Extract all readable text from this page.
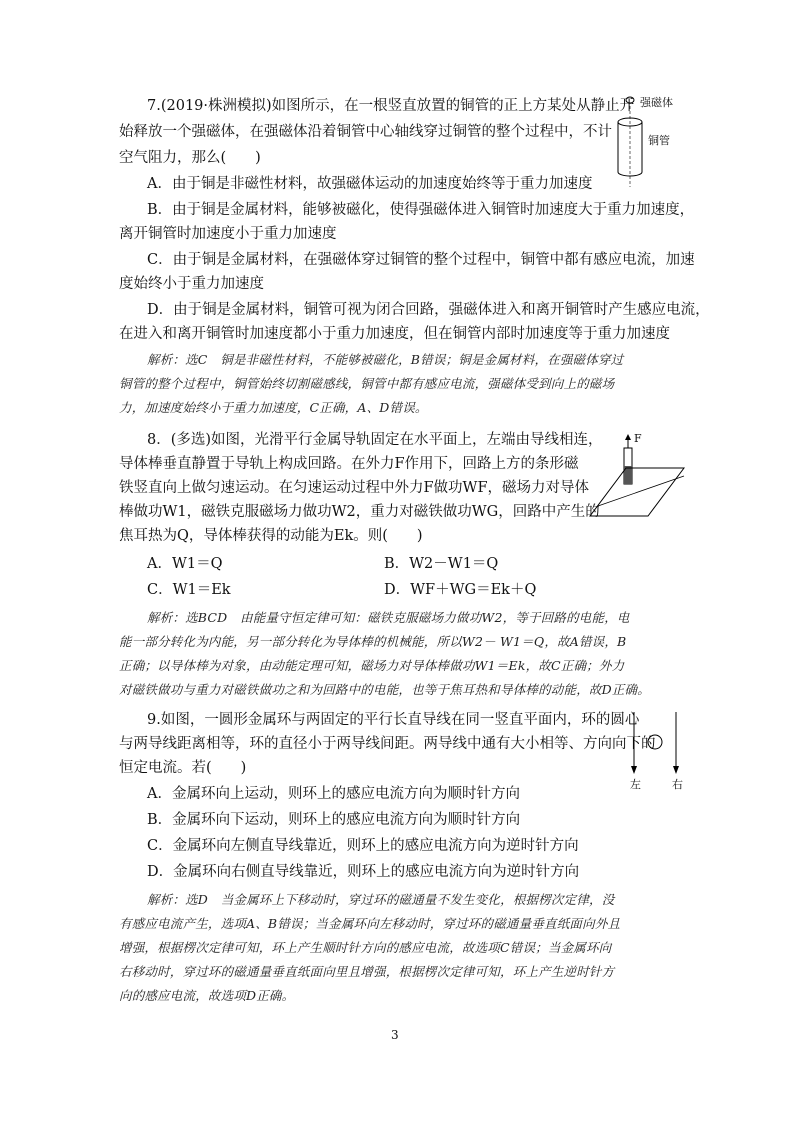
7.(2019·株洲模拟)如图所示，在一根竖直放置的铜管的正上方某处从静止开
始释放一个强磁体，在强磁体沿着铜管中心轴线穿过铜管的整个过程中，不计
空气阻力，那么(　　)
A．由于铜是非磁性材料，故强磁体运动的加速度始终等于重力加速度
B．由于铜是金属材料，能够被磁化，使得强磁体进入铜管时加速度大于重力加速度，
离开铜管时加速度小于重力加速度
C．由于铜是金属材料，在强磁体穿过铜管的整个过程中，铜管中都有感应电流，加速
度始终小于重力加速度
D．由于铜是金属材料，铜管可视为闭合回路，强磁体进入和离开铜管时产生感应电流，
在进入和离开铜管时加速度都小于重力加速度，但在铜管内部时加速度等于重力加速度
解析：选C　铜是非磁性材料，不能够被磁化，B错误；铜是金属材料，在强磁体穿过
铜管的整个过程中，铜管始终切割磁感线，铜管中都有感应电流，强磁体受到向上的磁场
力，加速度始终小于重力加速度，C正确，A、D错误。
强磁体
铜管
8．(多选)如图，光滑平行金属导轨固定在水平面上，左端由导线相连，
导体棒垂直静置于导轨上构成回路。在外力F作用下，回路上方的条形磁
铁竖直向上做匀速运动。在匀速运动过程中外力F做功WF，磁场力对导体
棒做功W1，磁铁克服磁场力做功W2，重力对磁铁做功WG，回路中产生的
焦耳热为Q，导体棒获得的动能为Ek。则(　　)
A．W1＝Q	B．W2－W1＝Q
C．W1＝Ek	D．WF＋WG＝Ek＋Q
解析：选BCD　由能量守恒定律可知：磁铁克服磁场力做功W2，等于回路的电能，电
能一部分转化为内能，另一部分转化为导体棒的机械能，所以W2－ W1＝Q，故A错误，B
正确；以导体棒为对象，由动能定理可知，磁场力对导体棒做功W1＝Ek，故C正确；外力
对磁铁做功与重力对磁铁做功之和为回路中的电能，也等于焦耳热和导体棒的动能，故D正确。
F
9.如图，一圆形金属环与两固定的平行长直导线在同一竖直平面内，环的圆心
与两导线距离相等，环的直径小于两导线间距。两导线中通有大小相等、方向向下的
恒定电流。若(　　)
A．金属环向上运动，则环上的感应电流方向为顺时针方向
B．金属环向下运动，则环上的感应电流方向为顺时针方向
C．金属环向左侧直导线靠近，则环上的感应电流方向为逆时针方向
D．金属环向右侧直导线靠近，则环上的感应电流方向为逆时针方向
解析：选D　当金属环上下移动时，穿过环的磁通量不发生变化，根据楞次定律，没
有感应电流产生，选项A、B错误；当金属环向左移动时，穿过环的磁通量垂直纸面向外且
增强，根据楞次定律可知，环上产生顺时针方向的感应电流，故选项C错误；当金属环向
右移动时，穿过环的磁通量垂直纸面向里且增强，根据楞次定律可知，环上产生逆时针方
向的感应电流，故选项D正确。
左	右
3
